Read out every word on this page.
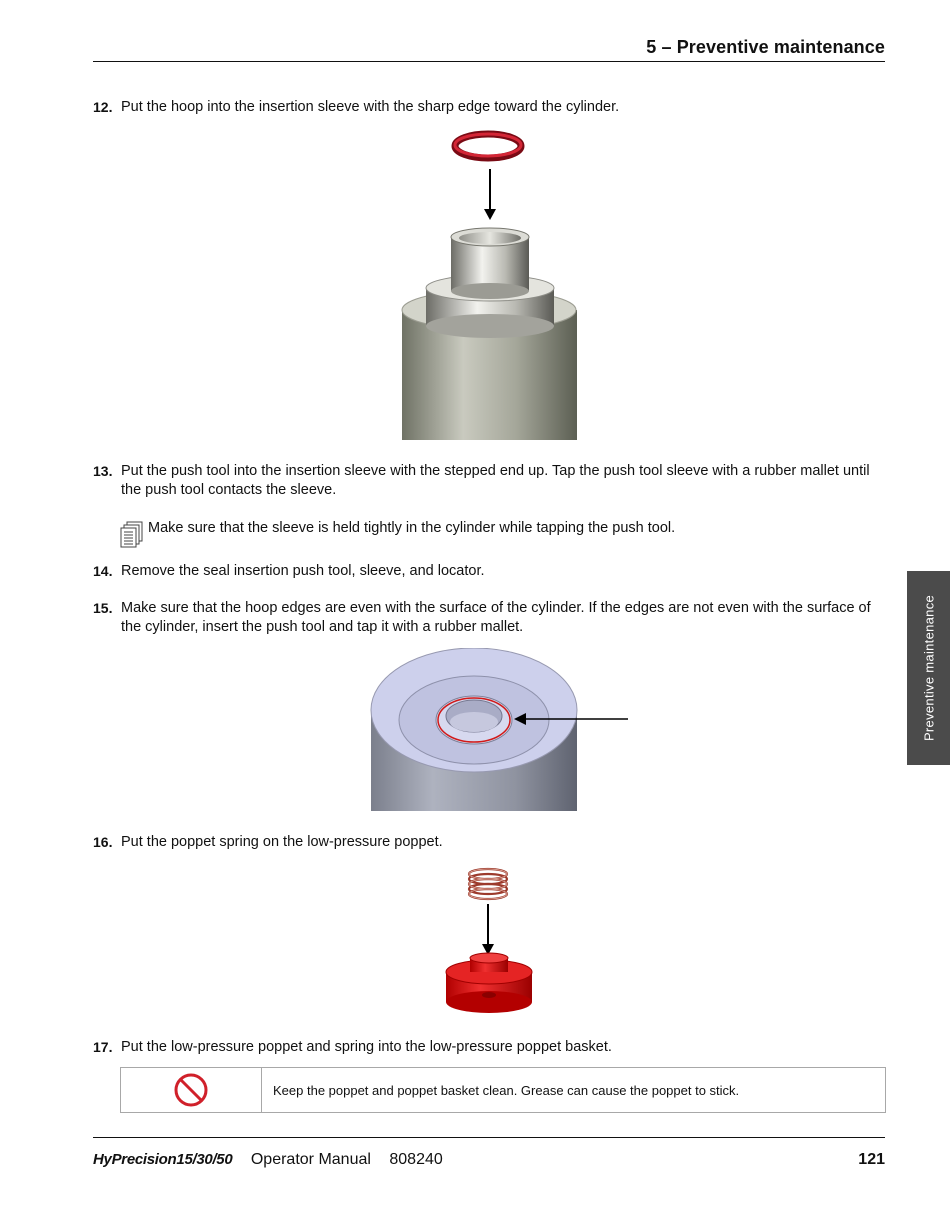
5 – Preventive maintenance
12. Put the hoop into the insertion sleeve with the sharp edge toward the cylinder.
13. Put the push tool into the insertion sleeve with the stepped end up. Tap the push tool sleeve with a rubber mallet until the push tool contacts the sleeve.
Make sure that the sleeve is held tightly in the cylinder while tapping the push tool.
14. Remove the seal insertion push tool, sleeve, and locator.
15. Make sure that the hoop edges are even with the surface of the cylinder. If the edges are not even with the surface of the cylinder, insert the push tool and tap it with a rubber mallet.
16. Put the poppet spring on the low-pressure poppet.
17. Put the low-pressure poppet and spring into the low-pressure poppet basket.
Keep the poppet and poppet basket clean. Grease can cause the poppet to stick.
Preventive maintenance
HyPrecision15/30/50 Operator Manual 808240	121
